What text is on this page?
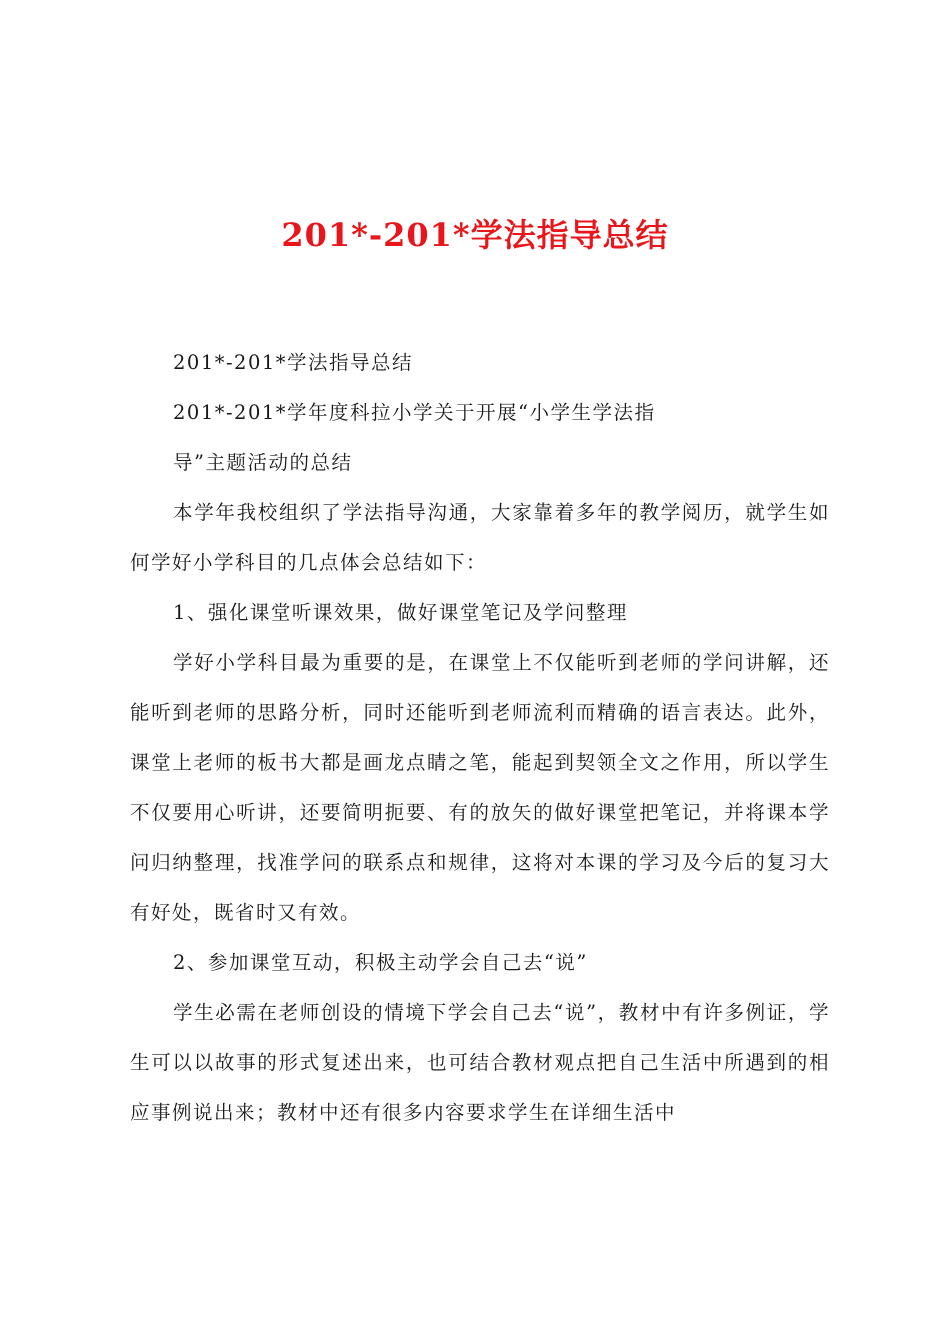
201*-201*学法指导总结

201*-201*学法指导总结

201*-201*学年度科拉小学关于开展“小学生学法指

导”主题活动的总结

本学年我校组织了学法指导沟通，大家靠着多年的教学阅历，就学生如何学好小学科目的几点体会总结如下：

1、强化课堂听课效果，做好课堂笔记及学问整理

学好小学科目最为重要的是，在课堂上不仅能听到老师的学问讲解，还能听到老师的思路分析，同时还能听到老师流利而精确的语言表达。此外，课堂上老师的板书大都是画龙点睛之笔，能起到契领全文之作用，所以学生不仅要用心听讲，还要简明扼要、有的放矢的做好课堂把笔记，并将课本学问归纳整理，找准学问的联系点和规律，这将对本课的学习及今后的复习大有好处，既省时又有效。

2、参加课堂互动，积极主动学会自己去“说”

学生必需在老师创设的情境下学会自己去“说”，教材中有许多例证，学生可以以故事的形式复述出来，也可结合教材观点把自己生活中所遇到的相应事例说出来；教材中还有很多内容要求学生在详细生活中
